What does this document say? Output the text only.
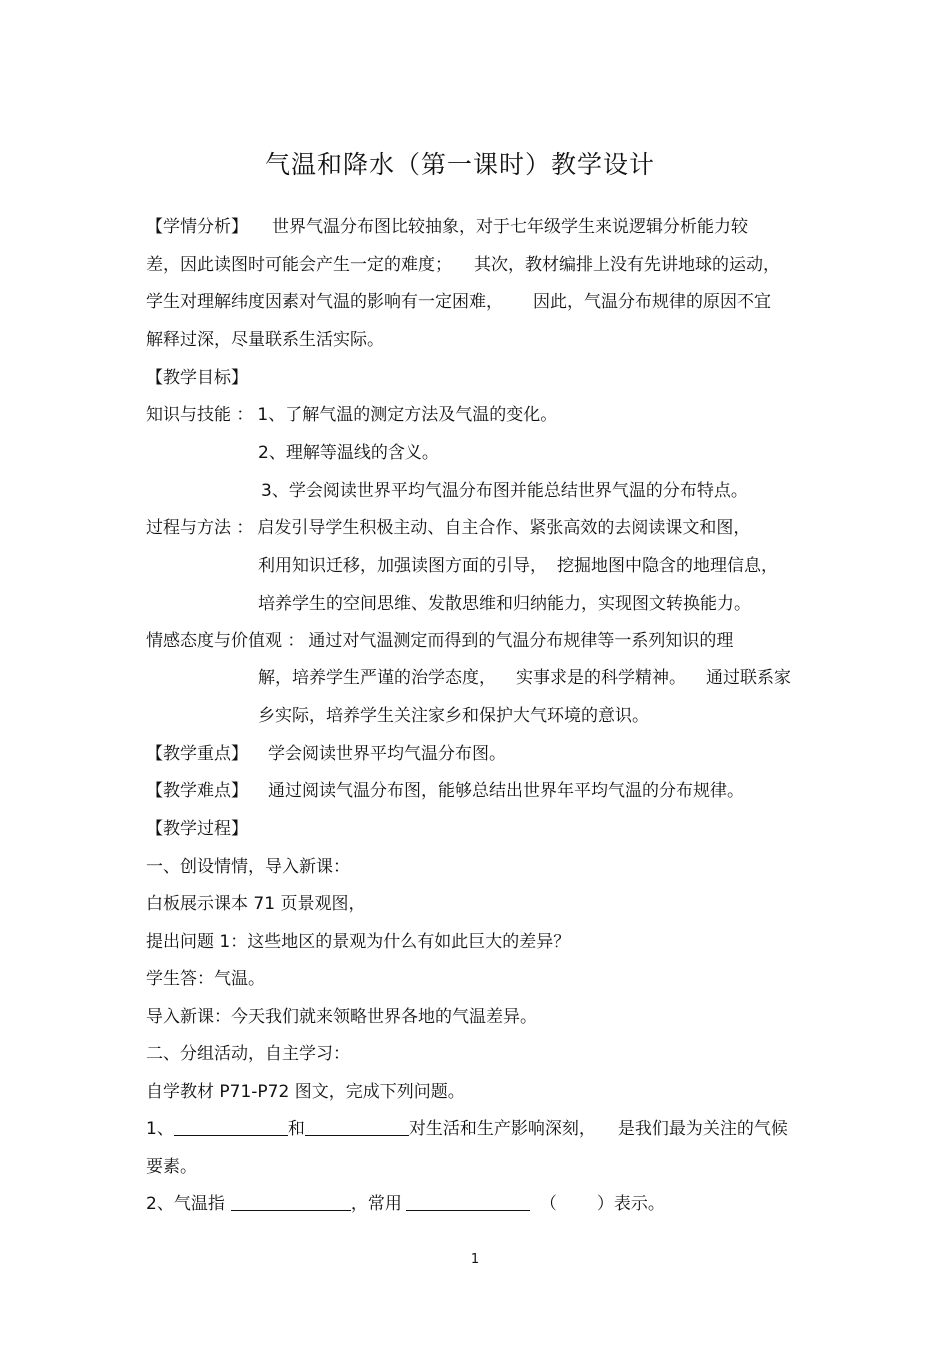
气温和降水（第一课时）教学设计
【学情分析】 世界气温分布图比较抽象，对于七年级学生来说逻辑分析能力较
差，因此读图时可能会产生一定的难度； 其次，教材编排上没有先讲地球的运动，
学生对理解纬度因素对气温的影响有一定困难， 因此，气温分布规律的原因不宜
解释过深，尽量联系生活实际。
【教学目标】
知识与技能 ： 1、了解气温的测定方法及气温的变化。
2、理解等温线的含义。
3、学会阅读世界平均气温分布图并能总结世界气温的分布特点。
过程与方法 ： 启发引导学生积极主动、自主合作、紧张高效的去阅读课文和图，
利用知识迁移，加强读图方面的引导， 挖掘地图中隐含的地理信息，
培养学生的空间思维、发散思维和归纳能力，实现图文转换能力。
情感态度与价值观 ： 通过对气温测定而得到的气温分布规律等一系列知识的理
解，培养学生严谨的治学态度， 实事求是的科学精神。 通过联系家
乡实际，培养学生关注家乡和保护大气环境的意识。
【教学重点】 学会阅读世界平均气温分布图。
【教学难点】 通过阅读气温分布图，能够总结出世界年平均气温的分布规律。
【教学过程】
一、创设情情，导入新课：
白板展示课本 71 页景观图，
提出问题 1：这些地区的景观为什么有如此巨大的差异？
学生答：气温。
导入新课：今天我们就来领略世界各地的气温差异。
二、分组活动，自主学习：
自学教材 P71-P72 图文，完成下列问题。
1、	和	对生活和生产影响深刻， 是我们最为关注的气候
要素。
2、气温指	，常用	（ ）表示。
1
